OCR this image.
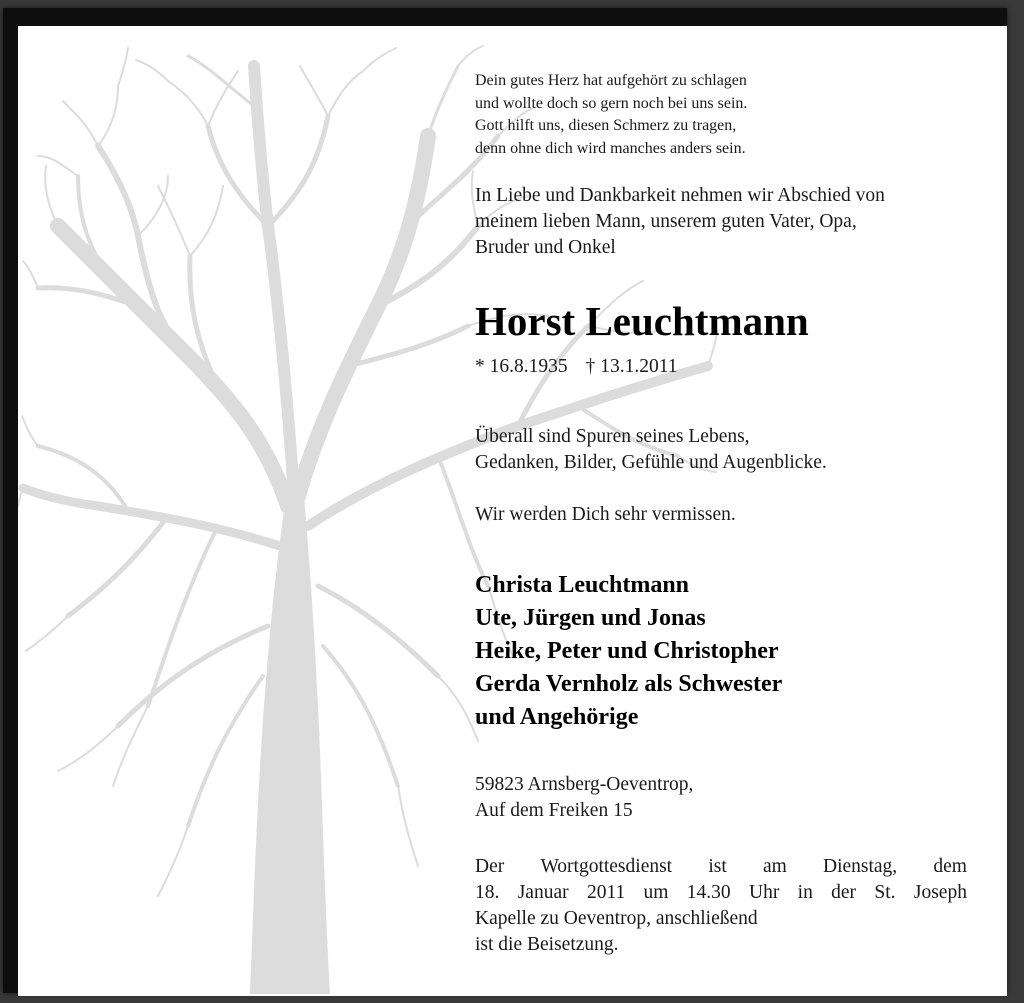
Dein gutes Herz hat aufgehört zu schlagen
und wollte doch so gern noch bei uns sein.
Gott hilft uns, diesen Schmerz zu tragen,
denn ohne dich wird manches anders sein.
In Liebe und Dankbarkeit nehmen wir Abschied von
meinem lieben Mann, unserem guten Vater, Opa,
Bruder und Onkel
Horst Leuchtmann
* 16.8.1935 † 13.1.2011
Überall sind Spuren seines Lebens,
Gedanken, Bilder, Gefühle und Augenblicke.
Wir werden Dich sehr vermissen.
Christa Leuchtmann
Ute, Jürgen und Jonas
Heike, Peter und Christopher
Gerda Vernholz als Schwester
und Angehörige
59823 Arnsberg-Oeventrop,
Auf dem Freiken 15
Der Wortgottesdienst ist am Dienstag, dem
18. Januar 2011 um 14.30 Uhr in der St. Joseph
Kapelle zu Oeventrop, anschließend
ist die Beisetzung.
